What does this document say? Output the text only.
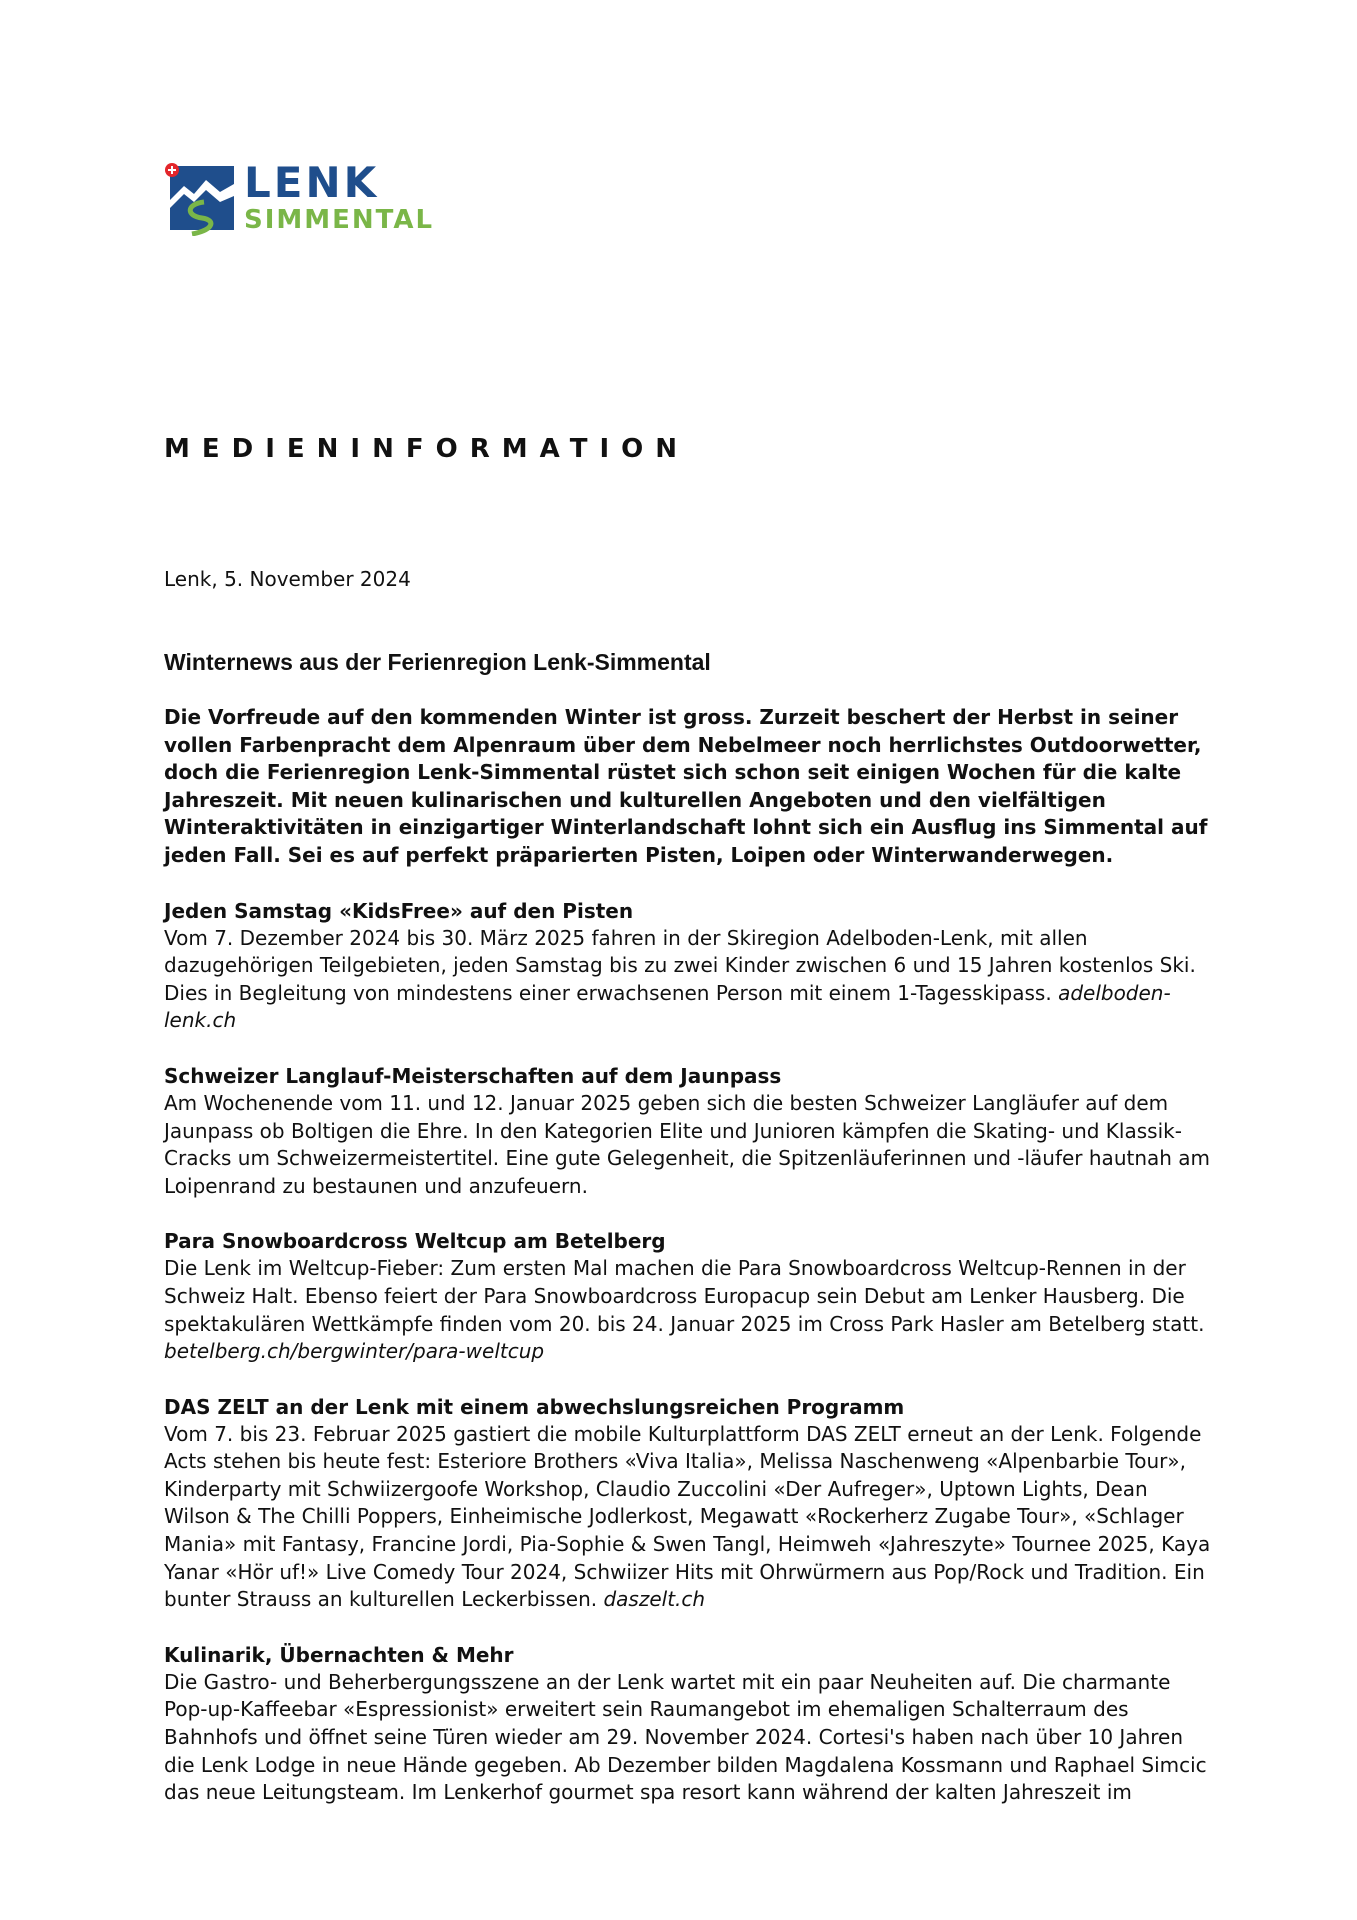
LENK
SIMMENTAL
MEDIENINFORMATION

Lenk, 5. November 2024

Winternews aus der Ferienregion Lenk-Simmental

Die Vorfreude auf den kommenden Winter ist gross. Zurzeit beschert der Herbst in seiner vollen Farbenpracht dem Alpenraum über dem Nebelmeer noch herrlichstes Outdoorwetter, doch die Ferienregion Lenk-Simmental rüstet sich schon seit einigen Wochen für die kalte Jahreszeit. Mit neuen kulinarischen und kulturellen Angeboten und den vielfältigen Winteraktivitäten in einzigartiger Winterlandschaft lohnt sich ein Ausflug ins Simmental auf jeden Fall. Sei es auf perfekt präparierten Pisten, Loipen oder Winterwanderwegen.

Jeden Samstag «KidsFree» auf den Pisten

Vom 7. Dezember 2024 bis 30. März 2025 fahren in der Skiregion Adelboden-Lenk, mit allen dazugehörigen Teilgebieten, jeden Samstag bis zu zwei Kinder zwischen 6 und 15 Jahren kostenlos Ski. Dies in Begleitung von mindestens einer erwachsenen Person mit einem 1-Tagesskipass. adelboden-lenk.ch

Schweizer Langlauf-Meisterschaften auf dem Jaunpass

Am Wochenende vom 11. und 12. Januar 2025 geben sich die besten Schweizer Langläufer auf dem Jaunpass ob Boltigen die Ehre. In den Kategorien Elite und Junioren kämpfen die Skating- und Klassik-Cracks um Schweizermeistertitel. Eine gute Gelegenheit, die Spitzenläuferinnen und -läufer hautnah am Loipenrand zu bestaunen und anzufeuern.

Para Snowboardcross Weltcup am Betelberg

Die Lenk im Weltcup-Fieber: Zum ersten Mal machen die Para Snowboardcross Weltcup-Rennen in der Schweiz Halt. Ebenso feiert der Para Snowboardcross Europacup sein Debut am Lenker Hausberg. Die spektakulären Wettkämpfe finden vom 20. bis 24. Januar 2025 im Cross Park Hasler am Betelberg statt. betelberg.ch/bergwinter/para-weltcup

DAS ZELT an der Lenk mit einem abwechslungsreichen Programm

Vom 7. bis 23. Februar 2025 gastiert die mobile Kulturplattform DAS ZELT erneut an der Lenk. Folgende Acts stehen bis heute fest: Esteriore Brothers «Viva Italia», Melissa Naschenweng «Alpenbarbie Tour», Kinderparty mit Schwiizergoofe Workshop, Claudio Zuccolini «Der Aufreger», Uptown Lights, Dean Wilson & The Chilli Poppers, Einheimische Jodlerkost, Megawatt «Rockerherz Zugabe Tour», «Schlager Mania» mit Fantasy, Francine Jordi, Pia-Sophie & Swen Tangl, Heimweh «Jahreszyte» Tournee 2025, Kaya Yanar «Hör uf!» Live Comedy Tour 2024, Schwiizer Hits mit Ohrwürmern aus Pop/Rock und Tradition. Ein bunter Strauss an kulturellen Leckerbissen. daszelt.ch

Kulinarik, Übernachten & Mehr

Die Gastro- und Beherbergungsszene an der Lenk wartet mit ein paar Neuheiten auf. Die charmante Pop-up-Kaffeebar «Espressionist» erweitert sein Raumangebot im ehemaligen Schalterraum des Bahnhofs und öffnet seine Türen wieder am 29. November 2024. Cortesi's haben nach über 10 Jahren die Lenk Lodge in neue Hände gegeben. Ab Dezember bilden Magdalena Kossmann und Raphael Simcic das neue Leitungsteam. Im Lenkerhof gourmet spa resort kann während der kalten Jahreszeit im
